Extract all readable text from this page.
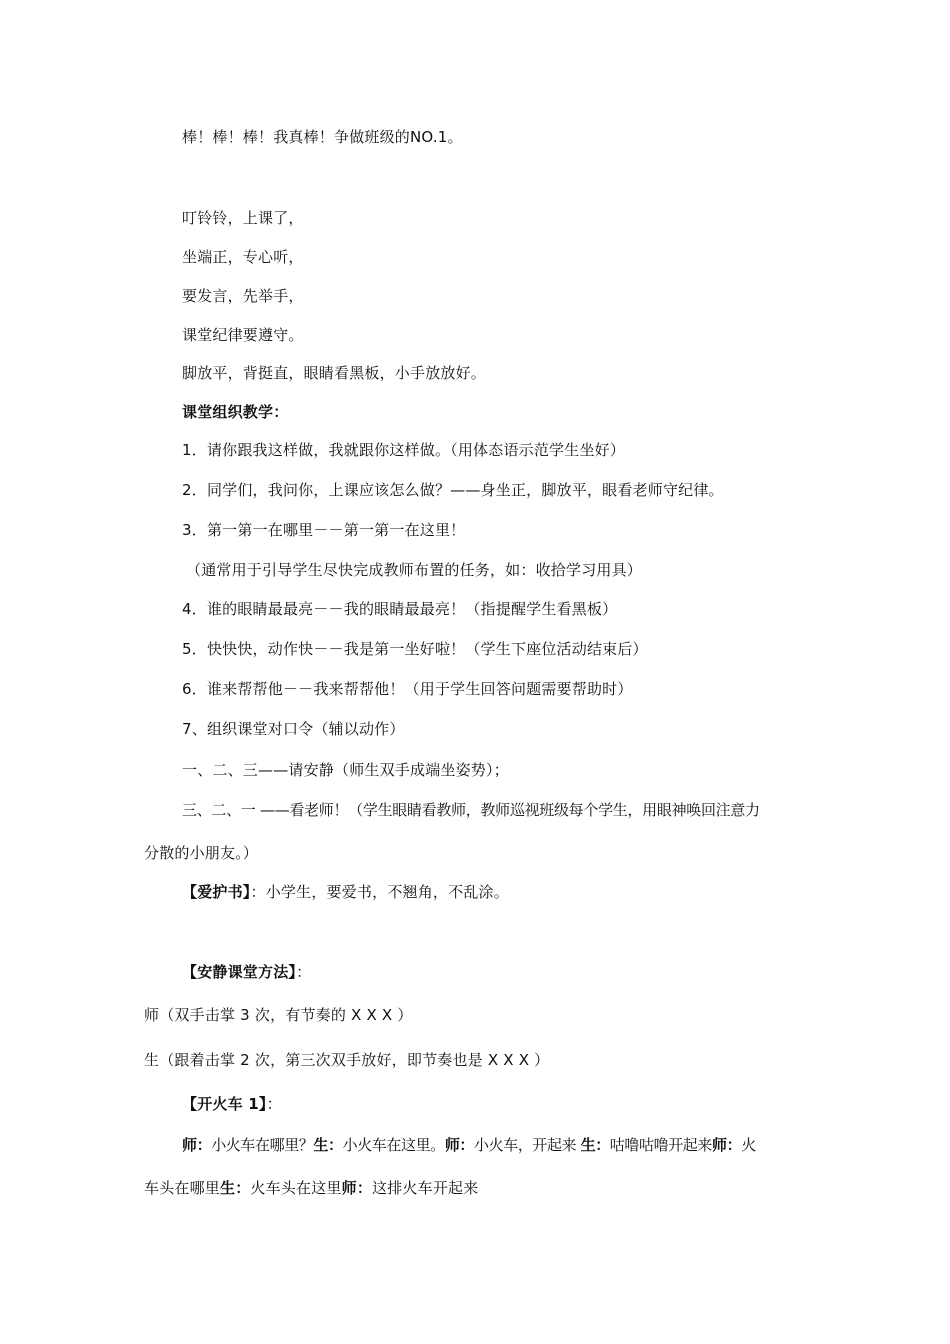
棒！棒！棒！我真棒！争做班级的NO.1。
叮铃铃，上课了，
坐端正，专心听，
要发言，先举手，
课堂纪律要遵守。
脚放平，背挺直，眼睛看黑板，小手放放好。
课堂组织教学：
1．请你跟我这样做，我就跟你这样做。（用体态语示范学生坐好）
2．同学们，我问你，上课应该怎么做？——身坐正，脚放平，眼看老师守纪律。
3．第一第一在哪里－－第一第一在这里！
（通常用于引导学生尽快完成教师布置的任务，如：收拾学习用具）
4．谁的眼睛最最亮－－我的眼睛最最亮！（指提醒学生看黑板）
5．快快快，动作快－－我是第一坐好啦！（学生下座位活动结束后）
6．谁来帮帮他－－我来帮帮他！（用于学生回答问题需要帮助时）
7、组织课堂对口令（辅以动作）
一、二、三——请安静（师生双手成端坐姿势）；
三、二、一 ——看老师！（学生眼睛看教师，教师巡视班级每个学生，用眼神唤回注意力
分散的小朋友。）
【爱护书】：小学生，要爱书，不翘角，不乱涂。
【安静课堂方法】：
师（双手击掌 3 次，有节奏的 X X X ）
生（跟着击掌 2 次，第三次双手放好，即节奏也是 X X X ）
【开火车 1】：
师：小火车在哪里？生：小火车在这里。师：小火车，开起来 生：咕噜咕噜开起来师：火
车头在哪里生：火车头在这里师：这排火车开起来
